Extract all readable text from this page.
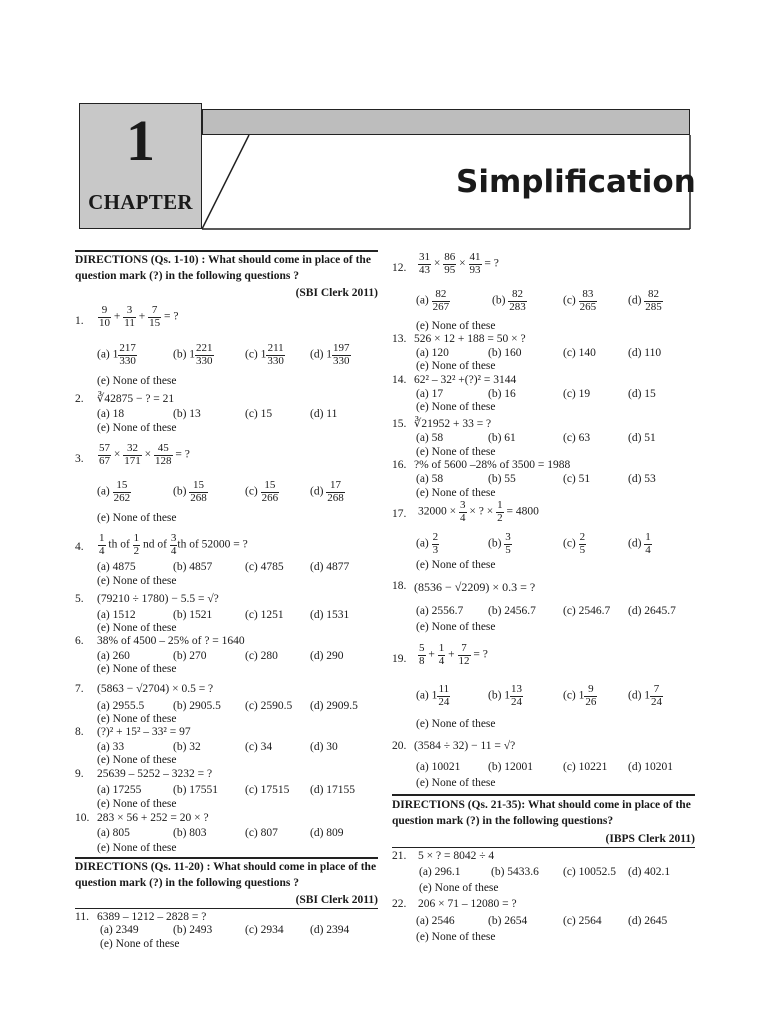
1
CHAPTER
Simplification
DIRECTIONS (Qs. 1-10) : What should come in place of the question mark (?) in the following questions ?
(SBI Clerk 2011)
1. $\frac{9}{10} + \frac{3}{11} + \frac{7}{15}$ = ?
(a) $1 \frac{217}{330}$	(b) $1 \frac{221}{330}$	(c) $1 \frac{211}{330} (d)$ $1 \frac{197}{330}$
(e) None of these
2. ∛42875 − ? = 21
(a) 18	(b) 13	(c) 15	(d) 11
(e) None of these
3. $\frac{57}{67} \times \frac{32}{171} \times \frac{45}{128}$ = ?
$(a) \frac{15}{262}$	$(b) \frac{15}{268}$	$(c) \frac{15}{266}$	$(d) \frac{17}{268}$
(e) None of these
4. $\frac{1}{4}$ th of $\frac{1}{2}$ nd of $\frac{3}{4}$ th of 52000 = ?
(a) 4875	(b) 4857	(c) 4785 (d) 4877
(e) None of these
5. (79210 ÷ 1780) − 5.5 = √?
(a) 1512	(b) 1521	(c) 1251 (d) 1531
(e) None of these
6. 38% of 4500 – 25% of ? = 1640
(a) 260	(b) 270	(c) 280	(d) 290
(e) None of these
7. (5863 − √2704) × 0.5 = ?
(a) 2955.5 (b) 2905.5 (c) 2590.5 (d) 2909.5
(e) None of these
8. (?)² + 15² – 33² = 97
(a) 33	(b) 32	(c) 34	(d) 30
(e) None of these
9. 25639 – 5252 – 3232 = ?
(a) 17255	(b) 17551 (c) 17515 (d) 17155
(e) None of these
10. 283 × 56 + 252 = 20 × ?
(a) 805	(b) 803	(c) 807	(d) 809
(e) None of these
DIRECTIONS (Qs. 11-20) : What should come in place of the question mark (?) in the following questions ?
(SBI Clerk 2011)
11. 6389 – 1212 – 2828 = ?
(a) 2349	(b) 2493	(c) 2934 (d) 2394
(e) None of these
12. $\frac{31}{43} \times \frac{86}{95} \times \frac{41}{93}$ = ?
$(a) \frac{82}{267}$	$(b) \frac{82}{283}$	$(c) \frac{83}{265}$	$(d) \frac{82}{285}$
(e) None of these
13. 526 × 12 + 188 = 50 × ?
(a) 120	(b) 160	(c) 140	(d) 110
(e) None of these
14. 62² – 32² +(?)² = 3144
(a) 17	(b) 16	(c) 19	(d) 15
(e) None of these
15. ∛21952 + 33 = ?
(a) 58	(b) 61	(c) 63	(d) 51
(e) None of these
16. ?% of 5600 –28% of 3500 = 1988
(a) 58	(b) 55	(c) 51	(d) 53
(e) None of these
17. $32000 \times \frac{3}{4}$ × ? × $\frac{1}{2} = 4800$
$(a) \frac{2}{3}$	$(b) \frac{3}{5}$	$(c) \frac{2}{5}$	$(d) \frac{1}{4}$
(e) None of these
18. (8536 − √2209) × 0.3 = ?
(a) 2556.7 (b) 2456.7 (c) 2546.7 (d) 2645.7
(e) None of these
19. $\frac{5}{8} + \frac{1}{4} + \frac{7}{12}$ = ?
(a) $1 \frac{11}{24}$	(b) $1 \frac{13}{24}$	(c) $1 \frac{9}{26}$	(d) $1 \frac{7}{24}$
(e) None of these
20. (3584 ÷ 32) − 11 = √?
(a) 10021 (b) 12001	(c) 10221 (d) 10201
(e) None of these
DIRECTIONS (Qs. 21-35): What should come in place of the question mark (?) in the following questions?
(IBPS Clerk 2011)
21. 5 × ? = 8042 ÷ 4
(a) 296.1	(b) 5433.6 (c) 10052.5 (d) 402.1
(e) None of these
22. 206 × 71 – 12080 = ?
(a) 2546	(b) 2654	(c) 2564 (d) 2645
(e) None of these
